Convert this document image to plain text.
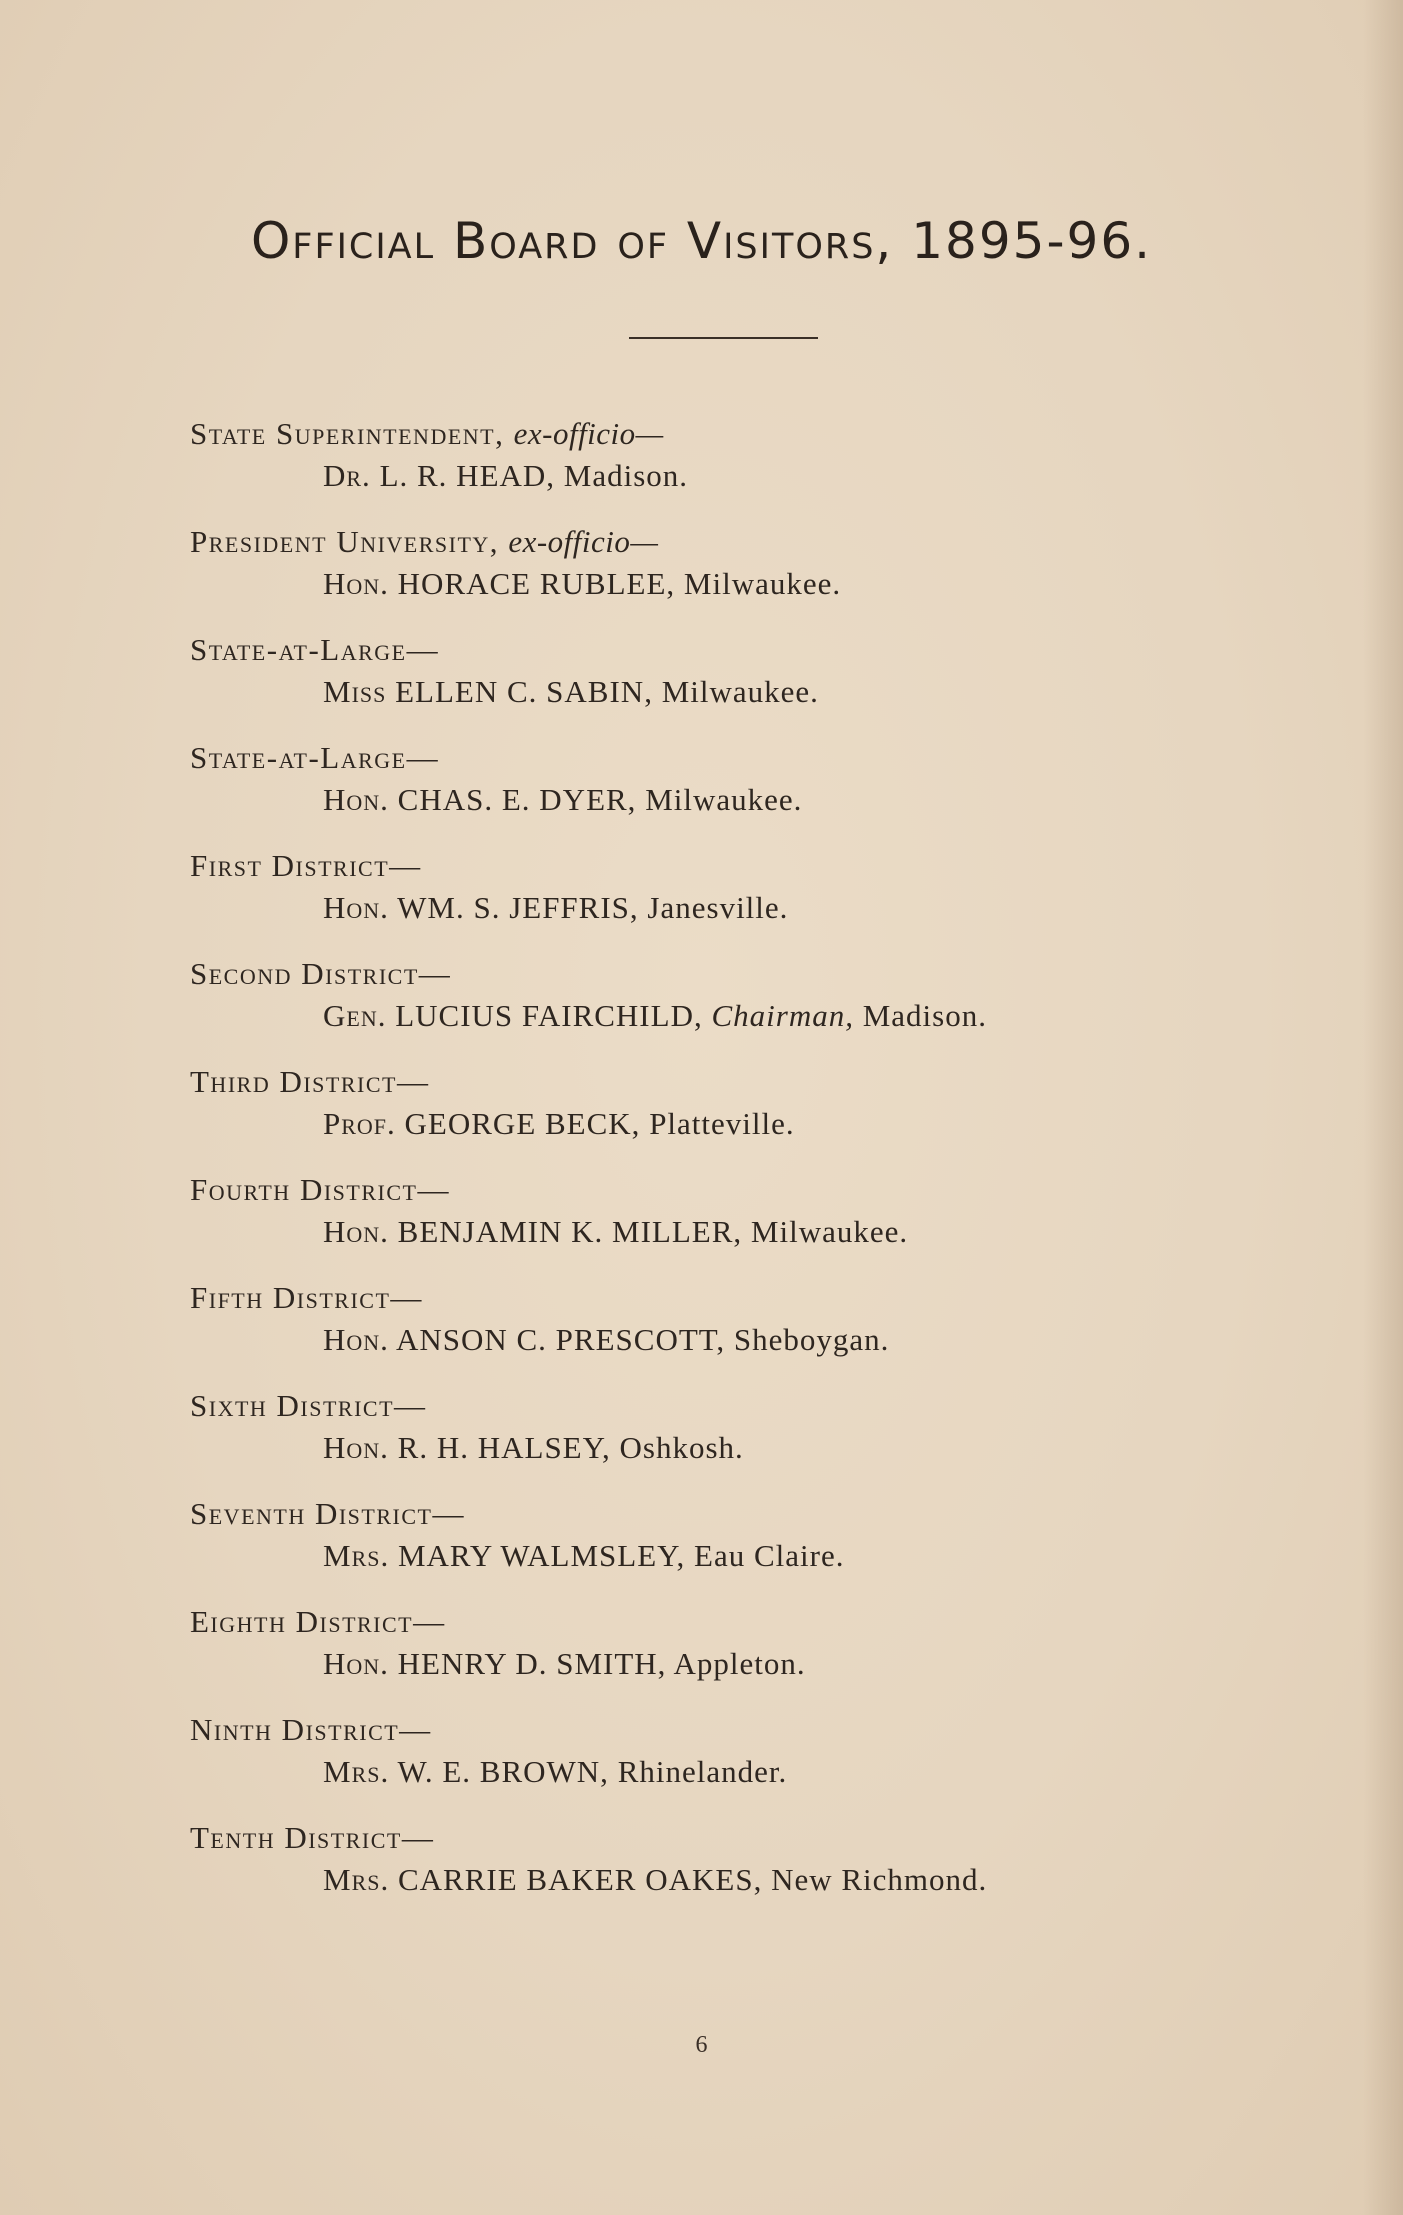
Official Board of Visitors, 1895-96.
State Superintendent, ex-officio—
Dr. L. R. HEAD, Madison.
President University, ex-officio—
Hon. HORACE RUBLEE, Milwaukee.
State-at-Large—
Miss ELLEN C. SABIN, Milwaukee.
State-at-Large—
Hon. CHAS. E. DYER, Milwaukee.
First District—
Hon. WM. S. JEFFRIS, Janesville.
Second District—
Gen. LUCIUS FAIRCHILD, Chairman, Madison.
Third District—
Prof. GEORGE BECK, Platteville.
Fourth District—
Hon. BENJAMIN K. MILLER, Milwaukee.
Fifth District—
Hon. ANSON C. PRESCOTT, Sheboygan.
Sixth District—
Hon. R. H. HALSEY, Oshkosh.
Seventh District—
Mrs. MARY WALMSLEY, Eau Claire.
Eighth District—
Hon. HENRY D. SMITH, Appleton.
Ninth District—
Mrs. W. E. BROWN, Rhinelander.
Tenth District—
Mrs. CARRIE BAKER OAKES, New Richmond.
6
